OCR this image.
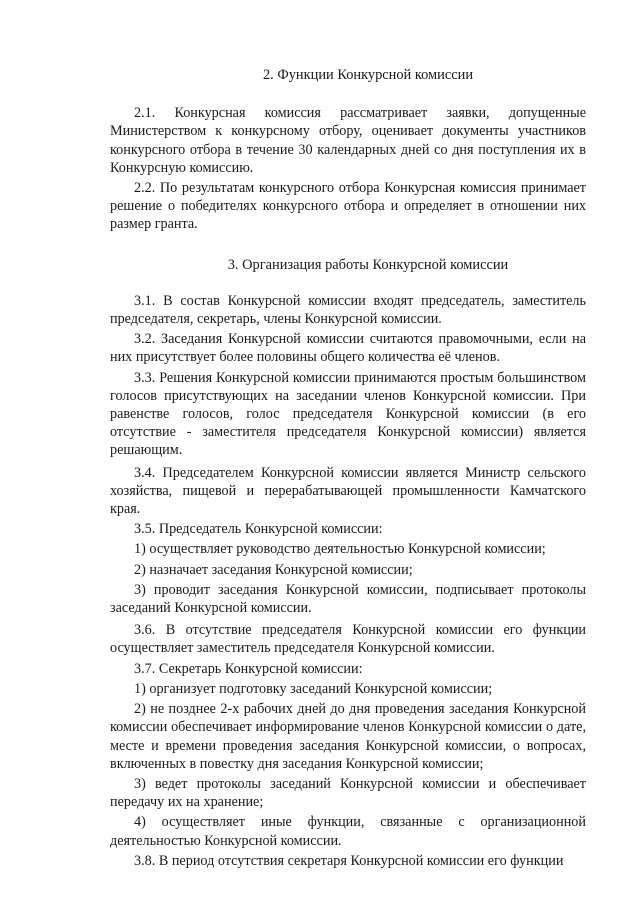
2. Функции Конкурсной комиссии

2.1. Конкурсная комиссия рассматривает заявки, допущенные Министерством к конкурсному отбору, оценивает документы участников конкурсного отбора в течение 30 календарных дней со дня поступления их в Конкурсную комиссию.

2.2. По результатам конкурсного отбора Конкурсная комиссия принимает решение о победителях конкурсного отбора и определяет в отношении них размер гранта.

3. Организация работы Конкурсной комиссии

3.1. В состав Конкурсной комиссии входят председатель, заместитель председателя, секретарь, члены Конкурсной комиссии.

3.2. Заседания Конкурсной комиссии считаются правомочными, если на них присутствует более половины общего количества её членов.

3.3. Решения Конкурсной комиссии принимаются простым большинством голосов присутствующих на заседании членов Конкурсной комиссии. При равенстве голосов, голос председателя Конкурсной комиссии (в его отсутствие - заместителя председателя Конкурсной комиссии) является решающим.

3.4. Председателем Конкурсной комиссии является Министр сельского хозяйства, пищевой и перерабатывающей промышленности Камчатского края.

3.5. Председатель Конкурсной комиссии:

1) осуществляет руководство деятельностью Конкурсной комиссии;

2) назначает заседания Конкурсной комиссии;

3) проводит заседания Конкурсной комиссии, подписывает протоколы заседаний Конкурсной комиссии.

3.6. В отсутствие председателя Конкурсной комиссии его функции осуществляет заместитель председателя Конкурсной комиссии.

3.7. Секретарь Конкурсной комиссии:

1) организует подготовку заседаний Конкурсной комиссии;

2) не позднее 2-х рабочих дней до дня проведения заседания Конкурсной комиссии обеспечивает информирование членов Конкурсной комиссии о дате, месте и времени проведения заседания Конкурсной комиссии, о вопросах, включенных в повестку дня заседания Конкурсной комиссии;

3) ведет протоколы заседаний Конкурсной комиссии и обеспечивает передачу их на хранение;

4) осуществляет иные функции, связанные с организационной деятельностью Конкурсной комиссии.

3.8. В период отсутствия секретаря Конкурсной комиссии его функции
